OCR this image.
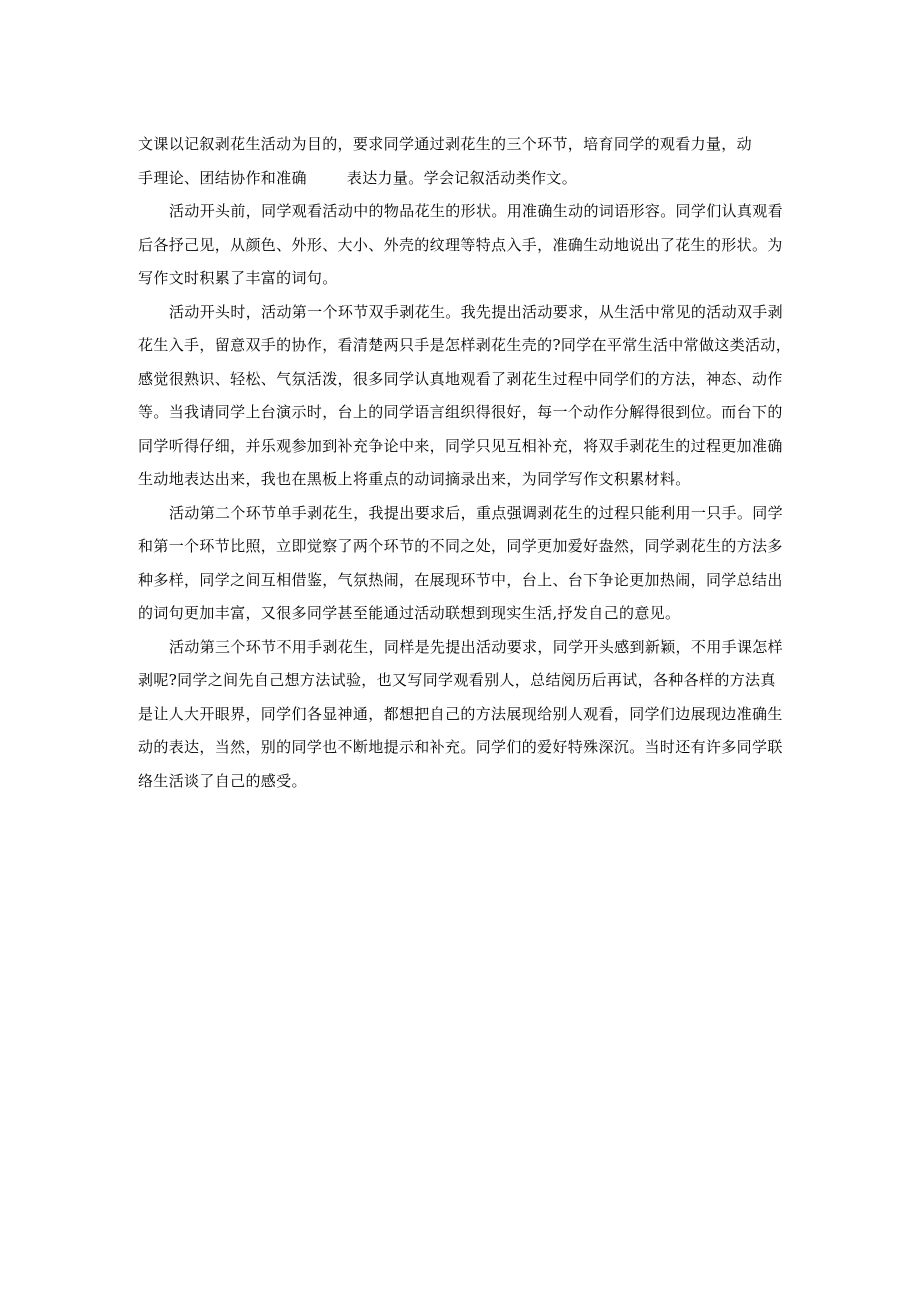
文课以记叙剥花生活动为目的，要求同学通过剥花生的三个环节，培育同学的观看力量，动
手理论、团结协作和准确	表达力量。学会记叙活动类作文。

活动开头前，同学观看活动中的物品花生的形状。用准确生动的词语形容。同学们认真观看
后各抒己见，从颜色、外形、大小、外壳的纹理等特点入手，准确生动地说出了花生的形状。为
写作文时积累了丰富的词句。

活动开头时，活动第一个环节双手剥花生。我先提出活动要求，从生活中常见的活动双手剥
花生入手，留意双手的协作，看清楚两只手是怎样剥花生壳的?同学在平常生活中常做这类活动，
感觉很熟识、轻松、气氛活泼，很多同学认真地观看了剥花生过程中同学们的方法，神态、动作
等。当我请同学上台演示时，台上的同学语言组织得很好，每一个动作分解得很到位。而台下的
同学听得仔细，并乐观参加到补充争论中来，同学只见互相补充，将双手剥花生的过程更加准确
生动地表达出来，我也在黑板上将重点的动词摘录出来，为同学写作文积累材料。

活动第二个环节单手剥花生，我提出要求后，重点强调剥花生的过程只能利用一只手。同学
和第一个环节比照，立即觉察了两个环节的不同之处，同学更加爱好盎然，同学剥花生的方法多
种多样，同学之间互相借鉴，气氛热闹，在展现环节中，台上、台下争论更加热闹，同学总结出
的词句更加丰富，又很多同学甚至能通过活动联想到现实生活,抒发自己的意见。

活动第三个环节不用手剥花生，同样是先提出活动要求，同学开头感到新颖，不用手课怎样
剥呢?同学之间先自己想方法试验，也又写同学观看别人，总结阅历后再试，各种各样的方法真
是让人大开眼界，同学们各显神通，都想把自己的方法展现给别人观看，同学们边展现边准确生
动的表达，当然，别的同学也不断地提示和补充。同学们的爱好特殊深沉。当时还有许多同学联
络生活谈了自己的感受。
